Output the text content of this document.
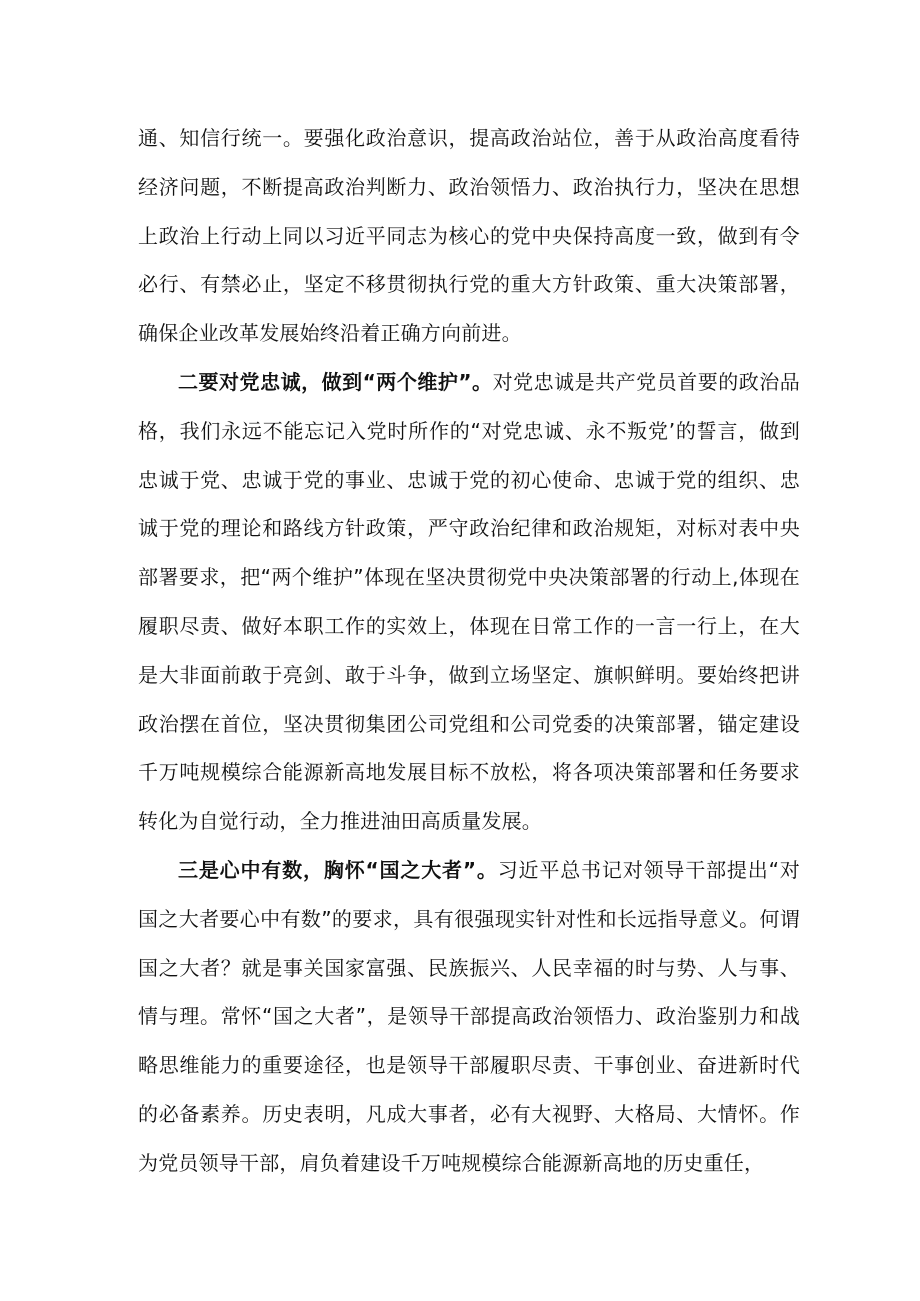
通、知信行统一。要强化政治意识，提高政治站位，善于从政治高度看待经济问题，不断提高政治判断力、政治领悟力、政治执行力，坚决在思想上政治上行动上同以习近平同志为核心的党中央保持高度一致，做到有令必行、有禁必止，坚定不移贯彻执行党的重大方针政策、重大决策部署，确保企业改革发展始终沿着正确方向前进。

二要对党忠诚，做到“两个维护”。对党忠诚是共产党员首要的政治品格，我们永远不能忘记入党时所作的“对党忠诚、永不叛党’的誓言，做到忠诚于党、忠诚于党的事业、忠诚于党的初心使命、忠诚于党的组织、忠诚于党的理论和路线方针政策，严守政治纪律和政治规矩，对标对表中央部署要求，把“两个维护”体现在坚决贯彻党中央决策部署的行动上,体现在履职尽责、做好本职工作的实效上，体现在日常工作的一言一行上，在大是大非面前敢于亮剑、敢于斗争，做到立场坚定、旗帜鲜明。要始终把讲政治摆在首位，坚决贯彻集团公司党组和公司党委的决策部署，锚定建设千万吨规模综合能源新高地发展目标不放松，将各项决策部署和任务要求转化为自觉行动，全力推进油田高质量发展。

三是心中有数，胸怀“国之大者”。习近平总书记对领导干部提出“对国之大者要心中有数”的要求，具有很强现实针对性和长远指导意义。何谓国之大者？就是事关国家富强、民族振兴、人民幸福的时与势、人与事、情与理。常怀“国之大者”，是领导干部提高政治领悟力、政治鉴别力和战略思维能力的重要途径，也是领导干部履职尽责、干事创业、奋进新时代的必备素养。历史表明，凡成大事者，必有大视野、大格局、大情怀。作为党员领导干部，肩负着建设千万吨规模综合能源新高地的历史重任，
